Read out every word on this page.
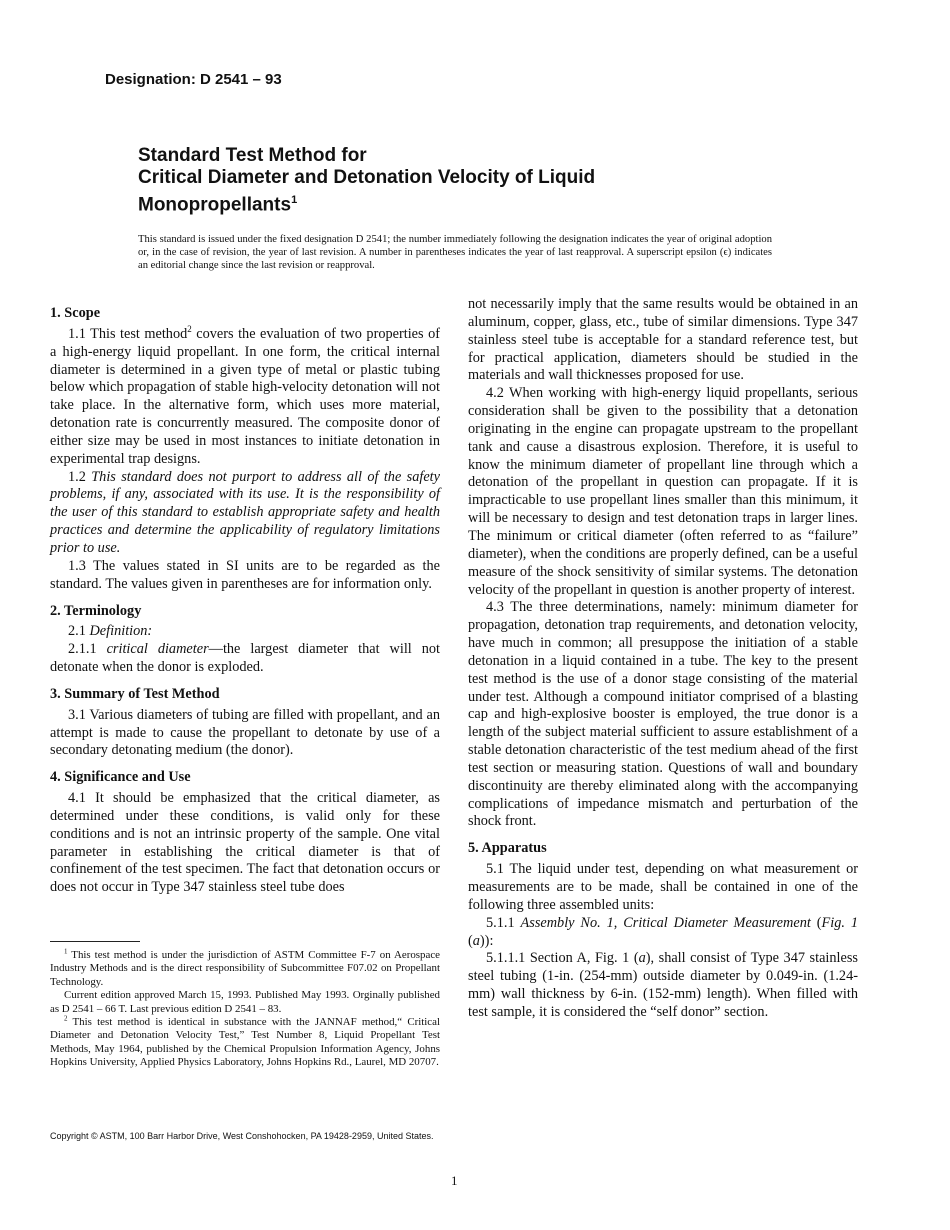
Designation: D 2541 – 93
Standard Test Method for
Critical Diameter and Detonation Velocity of Liquid
Monopropellants$^1$
This standard is issued under the fixed designation D 2541; the number immediately following the designation indicates the year of original adoption or, in the case of revision, the year of last revision. A number in parentheses indicates the year of last reapproval. A superscript epsilon (ϵ) indicates an editorial change since the last revision or reapproval.
1. Scope

1.1 This test method$^2$ covers the evaluation of two properties of a high-energy liquid propellant. In one form, the critical internal diameter is determined in a given type of metal or plastic tubing below which propagation of stable high-velocity detonation will not take place. In the alternative form, which uses more material, detonation rate is concurrently measured. The composite donor of either size may be used in most instances to initiate detonation in experimental trap designs.

1.2 This standard does not purport to address all of the safety problems, if any, associated with its use. It is the responsibility of the user of this standard to establish appropriate safety and health practices and determine the applicability of regulatory limitations prior to use.

1.3 The values stated in SI units are to be regarded as the standard. The values given in parentheses are for information only.

2. Terminology

2.1 Definition:

2.1.1 critical diameter—the largest diameter that will not detonate when the donor is exploded.

3. Summary of Test Method

3.1 Various diameters of tubing are filled with propellant, and an attempt is made to cause the propellant to detonate by use of a secondary detonating medium (the donor).

4. Significance and Use

4.1 It should be emphasized that the critical diameter, as determined under these conditions, is valid only for these conditions and is not an intrinsic property of the sample. One vital parameter in establishing the critical diameter is that of confinement of the test specimen. The fact that detonation occurs or does not occur in Type 347 stainless steel tube does

not necessarily imply that the same results would be obtained in an aluminum, copper, glass, etc., tube of similar dimensions. Type 347 stainless steel tube is acceptable for a standard reference test, but for practical application, diameters should be studied in the materials and wall thicknesses proposed for use.

4.2 When working with high-energy liquid propellants, serious consideration shall be given to the possibility that a detonation originating in the engine can propagate upstream to the propellant tank and cause a disastrous explosion. Therefore, it is useful to know the minimum diameter of propellant line through which a detonation of the propellant in question can propagate. If it is impracticable to use propellant lines smaller than this minimum, it will be necessary to design and test detonation traps in larger lines. The minimum or critical diameter (often referred to as “failure” diameter), when the conditions are properly defined, can be a useful measure of the shock sensitivity of similar systems. The detonation velocity of the propellant in question is another property of interest.

4.3 The three determinations, namely: minimum diameter for propagation, detonation trap requirements, and detonation velocity, have much in common; all presuppose the initiation of a stable detonation in a liquid contained in a tube. The key to the present test method is the use of a donor stage consisting of the material under test. Although a compound initiator comprised of a blasting cap and high-explosive booster is employed, the true donor is a length of the subject material sufficient to assure establishment of a stable detonation characteristic of the test medium ahead of the first test section or measuring station. Questions of wall and boundary discontinuity are thereby eliminated along with the accompanying complications of impedance mismatch and perturbation of the shock front.

5. Apparatus

5.1 The liquid under test, depending on what measurement or measurements are to be made, shall be contained in one of the following three assembled units:

5.1.1 Assembly No. 1, Critical Diameter Measurement (Fig. 1 (a)):

5.1.1.1 Section A, Fig. 1 (a), shall consist of Type 347 stainless steel tubing (1-in. (254-mm) outside diameter by 0.049-in. (1.24-mm) wall thickness by 6-in. (152-mm) length). When filled with test sample, it is considered the “self donor” section.

$^1$ This test method is under the jurisdiction of ASTM Committee F-7 on Aerospace Industry Methods and is the direct responsibility of Subcommittee F07.02 on Propellant Technology.

Current edition approved March 15, 1993. Published May 1993. Orginally published as D 2541 – 66 T. Last previous edition D 2541 – 83.

$^2$ This test method is identical in substance with the JANNAF method,“ Critical Diameter and Detonation Velocity Test,” Test Number 8, Liquid Propellant Test Methods, May 1964, published by the Chemical Propulsion Information Agency, Johns Hopkins University, Applied Physics Laboratory, Johns Hopkins Rd., Laurel, MD 20707.

Copyright © ASTM, 100 Barr Harbor Drive, West Conshohocken, PA 19428-2959, United States.
1
